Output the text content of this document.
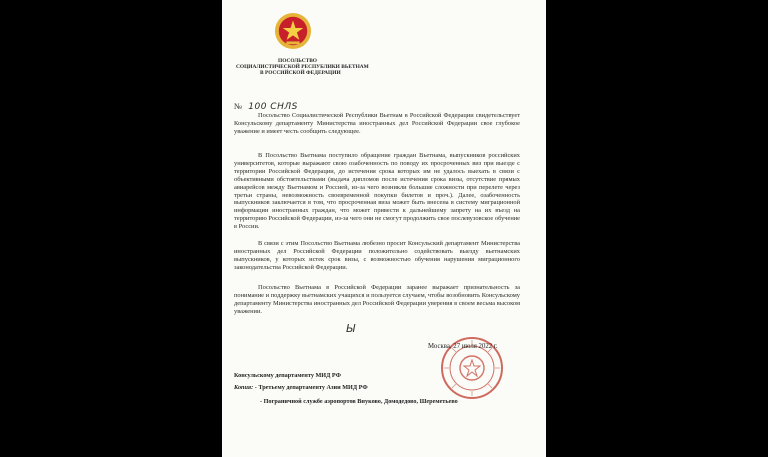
ПОСОЛЬСТВО
СОЦИАЛИСТИЧЕСКОЙ РЕСПУБЛИКИ ВЬЕТНАМ
В РОССИЙСКОЙ ФЕДЕРАЦИИ
№ 100 СНЛS

Посольство Социалистической Республики Вьетнам в Российской Федерации свидетельствует Консульскому департаменту Министерства иностранных дел Российской Федерации свое глубокое уважение и имеет честь сообщить следующее.

В Посольство Вьетнама поступило обращение граждан Вьетнама, выпускников российских университетов, которые выражают свою озабоченность по поводу их просроченных виз при выезде с территории Российской Федерации, до истечения срока которых им не удалось выехать в связи с объективными обстоятельствами (выдача дипломов после истечения срока визы, отсутствие прямых авиарейсов между Вьетнамом и Россией, из-за чего возникли большие сложности при перелете через третьи страны, невозможность своевременной покупки билетов и проч.). Далее, озабоченность выпускников заключается в том, что просроченная виза может быть внесена в систему миграционной информации иностранных граждан, что может привести к дальнейшему запрету на их въезд на территорию Российской Федерации, из-за чего они не смогут продолжить свое послевузовское обучение в России.

В связи с этим Посольство Вьетнама любезно просит Консульский департамент Министерства иностранных дел Российской Федерации положительно содействовать выезду вьетнамских выпускников, у которых истек срок визы, с возможностью обучения нарушения миграционного законодательства Российской Федерации.

Посольство Вьетнама в Российской Федерации заранее выражает признательность за понимание и поддержку вьетнамских учащихся и пользуется случаем, чтобы возобновить Консульскому департаменту Министерства иностранных дел Российской Федерации уверения в своем весьма высоком уважении.

Ы
Москва, 27 июля 2022 г.

Консульскому департаменту МИД РФ

Копия: - Третьему департаменту Азии МИД РФ

- Пограничной службе аэропортов Внуково, Домодедово, Шереметьево
